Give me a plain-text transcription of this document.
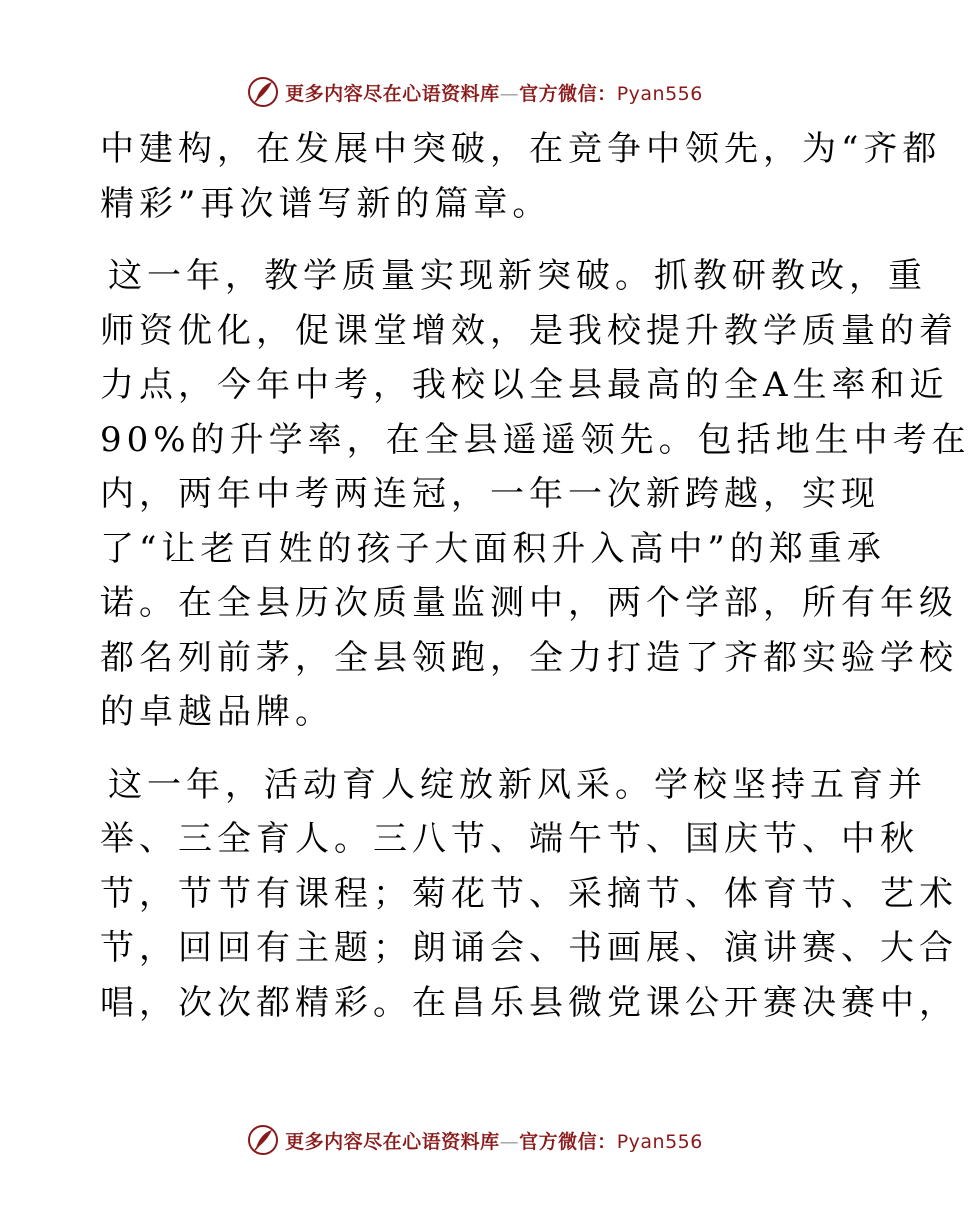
更多内容尽在心语资料库—官方微信：Pyan556
中建构，在发展中突破，在竞争中领先，为“齐都
精彩”再次谱写新的篇章。
这一年，教学质量实现新突破。抓教研教改，重
师资优化，促课堂增效，是我校提升教学质量的着
力点，今年中考，我校以全县最高的全A生率和近
90%的升学率，在全县遥遥领先。包括地生中考在
内，两年中考两连冠，一年一次新跨越，实现
了“让老百姓的孩子大面积升入高中”的郑重承
诺。在全县历次质量监测中，两个学部，所有年级
都名列前茅，全县领跑，全力打造了齐都实验学校
的卓越品牌。
这一年，活动育人绽放新风采。学校坚持五育并
举、三全育人。三八节、端午节、国庆节、中秋
节，节节有课程；菊花节、采摘节、体育节、艺术
节，回回有主题；朗诵会、书画展、演讲赛、大合
唱，次次都精彩。在昌乐县微党课公开赛决赛中，
更多内容尽在心语资料库—官方微信：Pyan556
